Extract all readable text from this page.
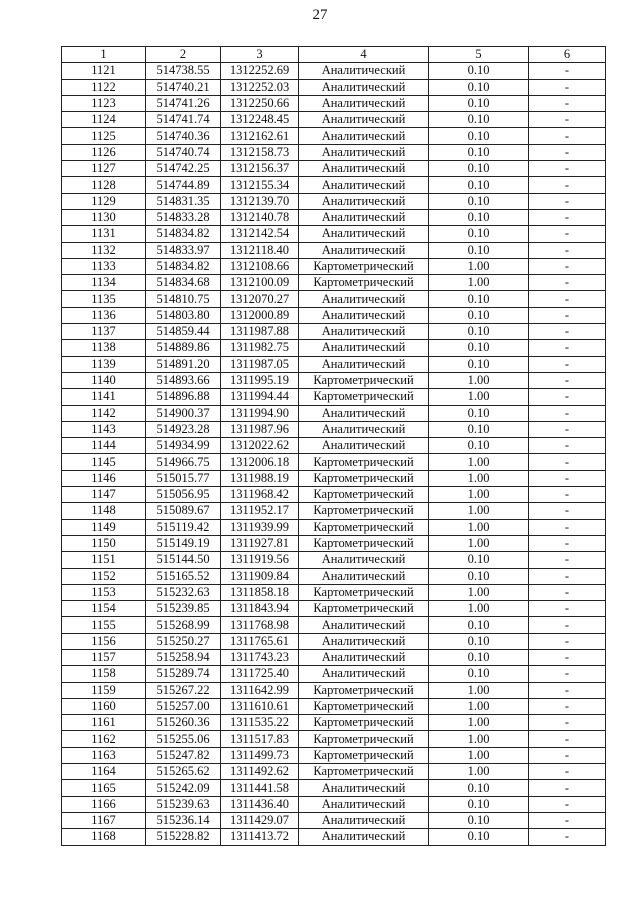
27
1	2	3	4	5	6
1121	514738.55	1312252.69	Аналитический	0.10	-
1122	514740.21	1312252.03	Аналитический	0.10	-
1123	514741.26	1312250.66	Аналитический	0.10	-
1124	514741.74	1312248.45	Аналитический	0.10	-
1125	514740.36	1312162.61	Аналитический	0.10	-
1126	514740.74	1312158.73	Аналитический	0.10	-
1127	514742.25	1312156.37	Аналитический	0.10	-
1128	514744.89	1312155.34	Аналитический	0.10	-
1129	514831.35	1312139.70	Аналитический	0.10	-
1130	514833.28	1312140.78	Аналитический	0.10	-
1131	514834.82	1312142.54	Аналитический	0.10	-
1132	514833.97	1312118.40	Аналитический	0.10	-
1133	514834.82	1312108.66	Картометрический	1.00	-
1134	514834.68	1312100.09	Картометрический	1.00	-
1135	514810.75	1312070.27	Аналитический	0.10	-
1136	514803.80	1312000.89	Аналитический	0.10	-
1137	514859.44	1311987.88	Аналитический	0.10	-
1138	514889.86	1311982.75	Аналитический	0.10	-
1139	514891.20	1311987.05	Аналитический	0.10	-
1140	514893.66	1311995.19	Картометрический	1.00	-
1141	514896.88	1311994.44	Картометрический	1.00	-
1142	514900.37	1311994.90	Аналитический	0.10	-
1143	514923.28	1311987.96	Аналитический	0.10	-
1144	514934.99	1312022.62	Аналитический	0.10	-
1145	514966.75	1312006.18	Картометрический	1.00	-
1146	515015.77	1311988.19	Картометрический	1.00	-
1147	515056.95	1311968.42	Картометрический	1.00	-
1148	515089.67	1311952.17	Картометрический	1.00	-
1149	515119.42	1311939.99	Картометрический	1.00	-
1150	515149.19	1311927.81	Картометрический	1.00	-
1151	515144.50	1311919.56	Аналитический	0.10	-
1152	515165.52	1311909.84	Аналитический	0.10	-
1153	515232.63	1311858.18	Картометрический	1.00	-
1154	515239.85	1311843.94	Картометрический	1.00	-
1155	515268.99	1311768.98	Аналитический	0.10	-
1156	515250.27	1311765.61	Аналитический	0.10	-
1157	515258.94	1311743.23	Аналитический	0.10	-
1158	515289.74	1311725.40	Аналитический	0.10	-
1159	515267.22	1311642.99	Картометрический	1.00	-
1160	515257.00	1311610.61	Картометрический	1.00	-
1161	515260.36	1311535.22	Картометрический	1.00	-
1162	515255.06	1311517.83	Картометрический	1.00	-
1163	515247.82	1311499.73	Картометрический	1.00	-
1164	515265.62	1311492.62	Картометрический	1.00	-
1165	515242.09	1311441.58	Аналитический	0.10	-
1166	515239.63	1311436.40	Аналитический	0.10	-
1167	515236.14	1311429.07	Аналитический	0.10	-
1168	515228.82	1311413.72	Аналитический	0.10	-
